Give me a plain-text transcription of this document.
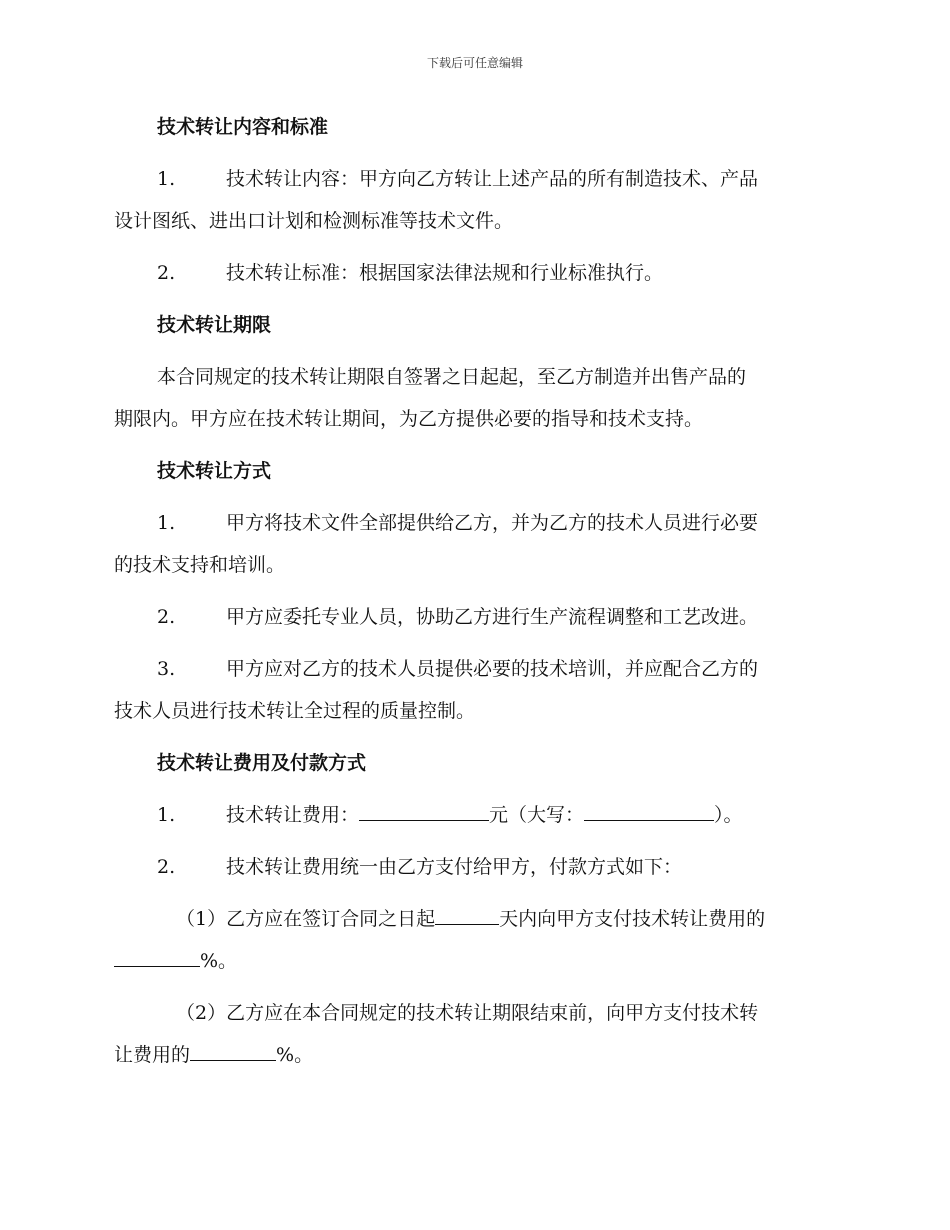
下载后可任意编辑
技术转让内容和标准
1.	技术转让内容：甲方向乙方转让上述产品的所有制造技术、产品
设计图纸、进出口计划和检测标准等技术文件。
2.	技术转让标准：根据国家法律法规和行业标准执行。
技术转让期限
本合同规定的技术转让期限自签署之日起起，至乙方制造并出售产品的
期限内。甲方应在技术转让期间，为乙方提供必要的指导和技术支持。
技术转让方式
1.	甲方将技术文件全部提供给乙方，并为乙方的技术人员进行必要
的技术支持和培训。
2.	甲方应委托专业人员，协助乙方进行生产流程调整和工艺改进。
3.	甲方应对乙方的技术人员提供必要的技术培训，并应配合乙方的
技术人员进行技术转让全过程的质量控制。
技术转让费用及付款方式
1.	技术转让费用：	元（大写：	）。
2.	技术转让费用统一由乙方支付给甲方，付款方式如下：
（1）乙方应在签订合同之日起	天内向甲方支付技术转让费用的
%。
（2）乙方应在本合同规定的技术转让期限结束前，向甲方支付技术转
让费用的	%。
